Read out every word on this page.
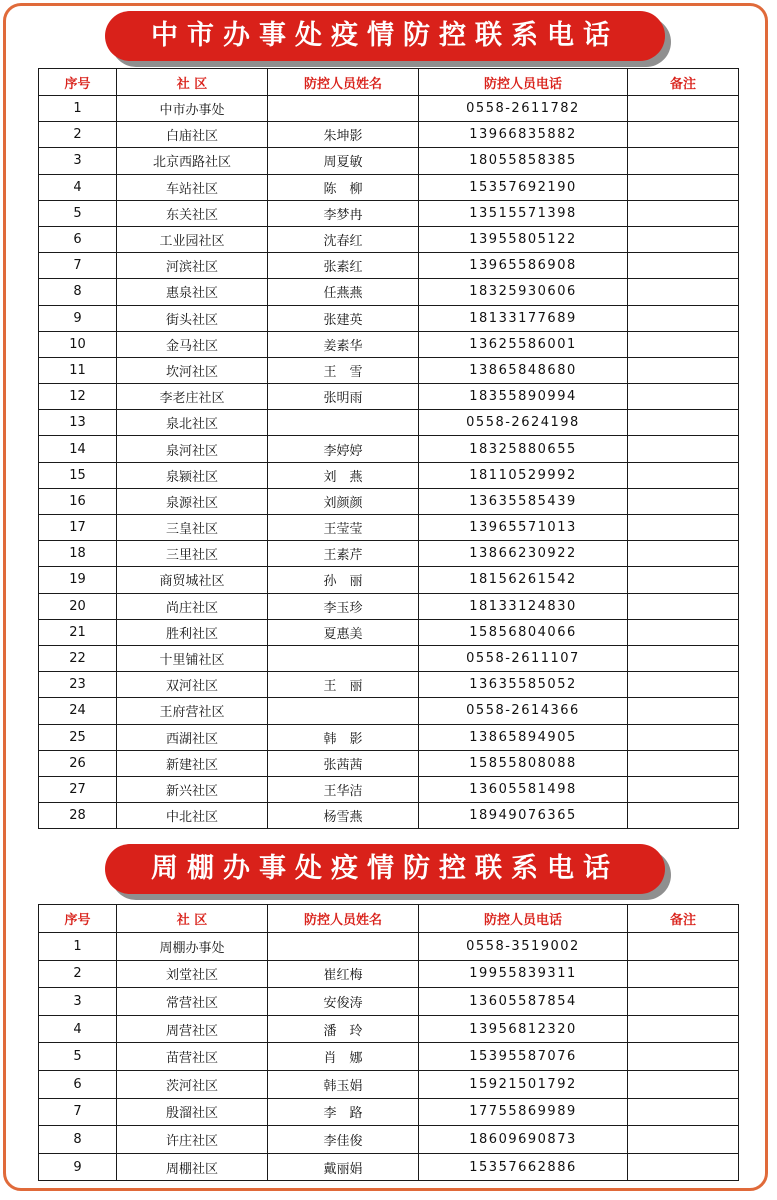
中市办事处疫情防控联系电话
序号	社 区	防控人员姓名	防控人员电话	备注
1	中市办事处		0558-2611782	
2	白庙社区	朱坤影	13966835882	
3	北京西路社区	周夏敏	18055858385	
4	车站社区	陈　柳	15357692190	
5	东关社区	李梦冉	13515571398	
6	工业园社区	沈春红	13955805122	
7	河滨社区	张素红	13965586908	
8	惠泉社区	任燕燕	18325930606	
9	街头社区	张建英	18133177689	
10	金马社区	姜素华	13625586001	
11	坎河社区	王　雪	13865848680	
12	李老庄社区	张明雨	18355890994	
13	泉北社区		0558-2624198	
14	泉河社区	李婷婷	18325880655	
15	泉颍社区	刘　燕	18110529992	
16	泉源社区	刘颜颜	13635585439	
17	三皇社区	王莹莹	13965571013	
18	三里社区	王素芹	13866230922	
19	商贸城社区	孙　丽	18156261542	
20	尚庄社区	李玉珍	18133124830	
21	胜利社区	夏惠美	15856804066	
22	十里铺社区		0558-2611107	
23	双河社区	王　丽	13635585052	
24	王府营社区		0558-2614366	
25	西湖社区	韩　影	13865894905	
26	新建社区	张茜茜	15855808088	
27	新兴社区	王华洁	13605581498	
28	中北社区	杨雪燕	18949076365	
周棚办事处疫情防控联系电话
序号	社 区	防控人员姓名	防控人员电话	备注
1	周棚办事处		0558-3519002	
2	刘堂社区	崔红梅	19955839311	
3	常营社区	安俊涛	13605587854	
4	周营社区	潘　玲	13956812320	
5	苗营社区	肖　娜	15395587076	
6	茨河社区	韩玉娟	15921501792	
7	殷溜社区	李　路	17755869989	
8	许庄社区	李佳俊	18609690873	
9	周棚社区	戴丽娟	15357662886	
